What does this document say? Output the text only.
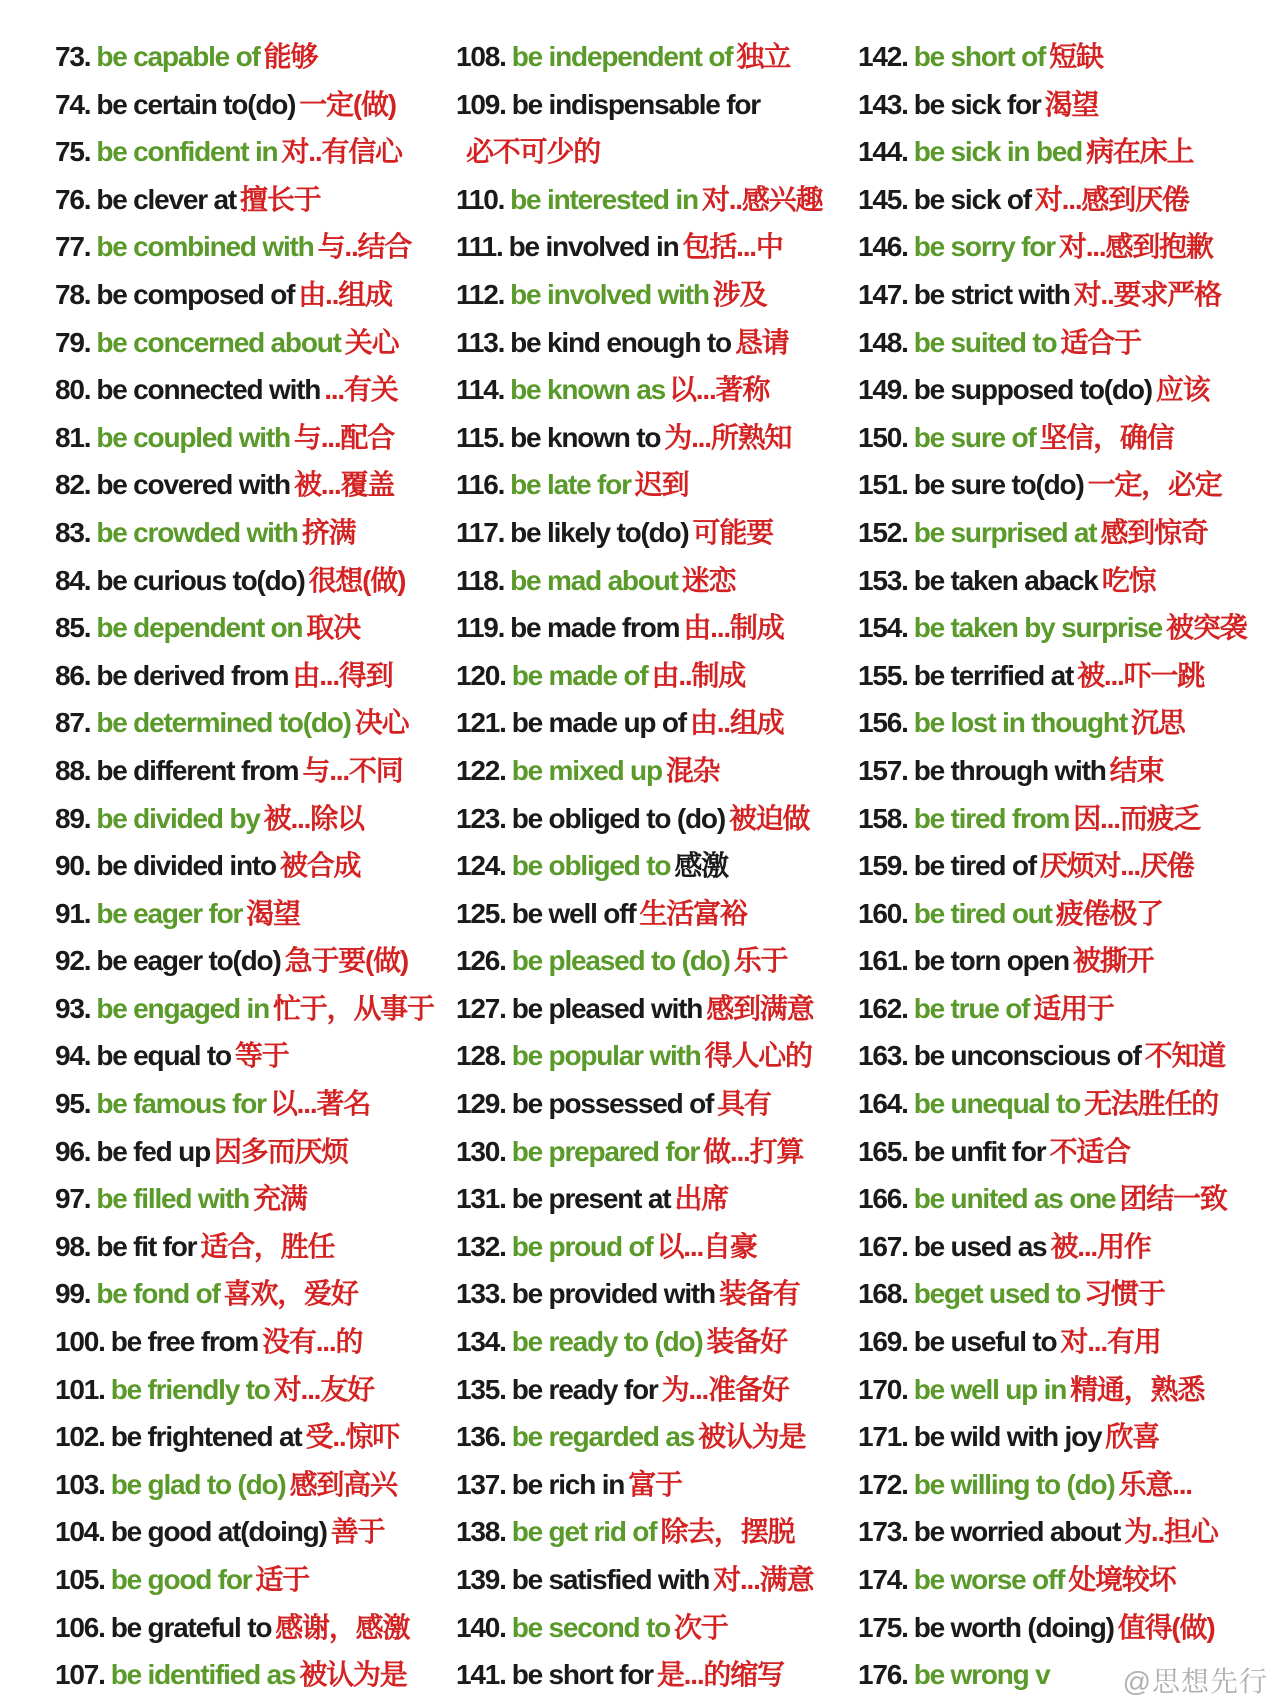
73. be capable of 能够
74. be certain to(do) 一定(做)
75. be confident in 对..有信心
76. be clever at 擅长于
77. be combined with 与..结合
78. be composed of 由..组成
79. be concerned about 关心
80. be connected with ...有关
81. be coupled with 与...配合
82. be covered with 被...覆盖
83. be crowded with 挤满
84. be curious to(do) 很想(做)
85. be dependent on 取决
86. be derived from 由...得到
87. be determined to(do) 决心
88. be different from 与...不同
89. be divided by 被...除以
90. be divided into 被合成
91. be eager for 渴望
92. be eager to(do) 急于要(做)
93. be engaged in 忙于，从事于
94. be equal to 等于
95. be famous for 以...著名
96. be fed up 因多而厌烦
97. be filled with 充满
98. be fit for 适合，胜任
99. be fond of 喜欢，爱好
100. be free from 没有...的
101. be friendly to 对...友好
102. be frightened at 受..惊吓
103. be glad to (do) 感到高兴
104. be good at(doing) 善于
105. be good for 适于
106. be grateful to 感谢，感激
107. be identified as 被认为是
108. be independent of 独立
109. be indispensable for
必不可少的
110. be interested in 对..感兴趣
111. be involved in 包括...中
112. be involved with 涉及
113. be kind enough to 恳请
114. be known as 以...著称
115. be known to 为...所熟知
116. be late for 迟到
117. be likely to(do) 可能要
118. be mad about 迷恋
119. be made from 由...制成
120. be made of 由..制成
121. be made up of 由..组成
122. be mixed up 混杂
123. be obliged to (do) 被迫做
124. be obliged to 感激
125. be well off 生活富裕
126. be pleased to (do) 乐于
127. be pleased with 感到满意
128. be popular with 得人心的
129. be possessed of 具有
130. be prepared for 做...打算
131. be present at 出席
132. be proud of 以...自豪
133. be provided with 装备有
134. be ready to (do) 装备好
135. be ready for 为...准备好
136. be regarded as 被认为是
137. be rich in 富于
138. be get rid of 除去，摆脱
139. be satisfied with 对...满意
140. be second to 次于
141. be short for 是...的缩写
142. be short of 短缺
143. be sick for 渴望
144. be sick in bed 病在床上
145. be sick of 对...感到厌倦
146. be sorry for 对...感到抱歉
147. be strict with 对..要求严格
148. be suited to 适合于
149. be supposed to(do) 应该
150. be sure of 坚信，确信
151. be sure to(do) 一定，必定
152. be surprised at 感到惊奇
153. be taken aback 吃惊
154. be taken by surprise 被突袭
155. be terrified at 被...吓一跳
156. be lost in thought 沉思
157. be through with 结束
158. be tired from 因...而疲乏
159. be tired of 厌烦对...厌倦
160. be tired out 疲倦极了
161. be torn open 被撕开
162. be true of 适用于
163. be unconscious of 不知道
164. be unequal to 无法胜任的
165. be unfit for 不适合
166. be united as one 团结一致
167. be used as 被...用作
168. beget used to 习惯于
169. be useful to 对...有用
170. be well up in 精通，熟悉
171. be wild with joy 欣喜
172. be willing to (do) 乐意...
173. be worried about 为..担心
174. be worse off 处境较坏
175. be worth (doing) 值得(做)
176. be wrong v	@思想先行
